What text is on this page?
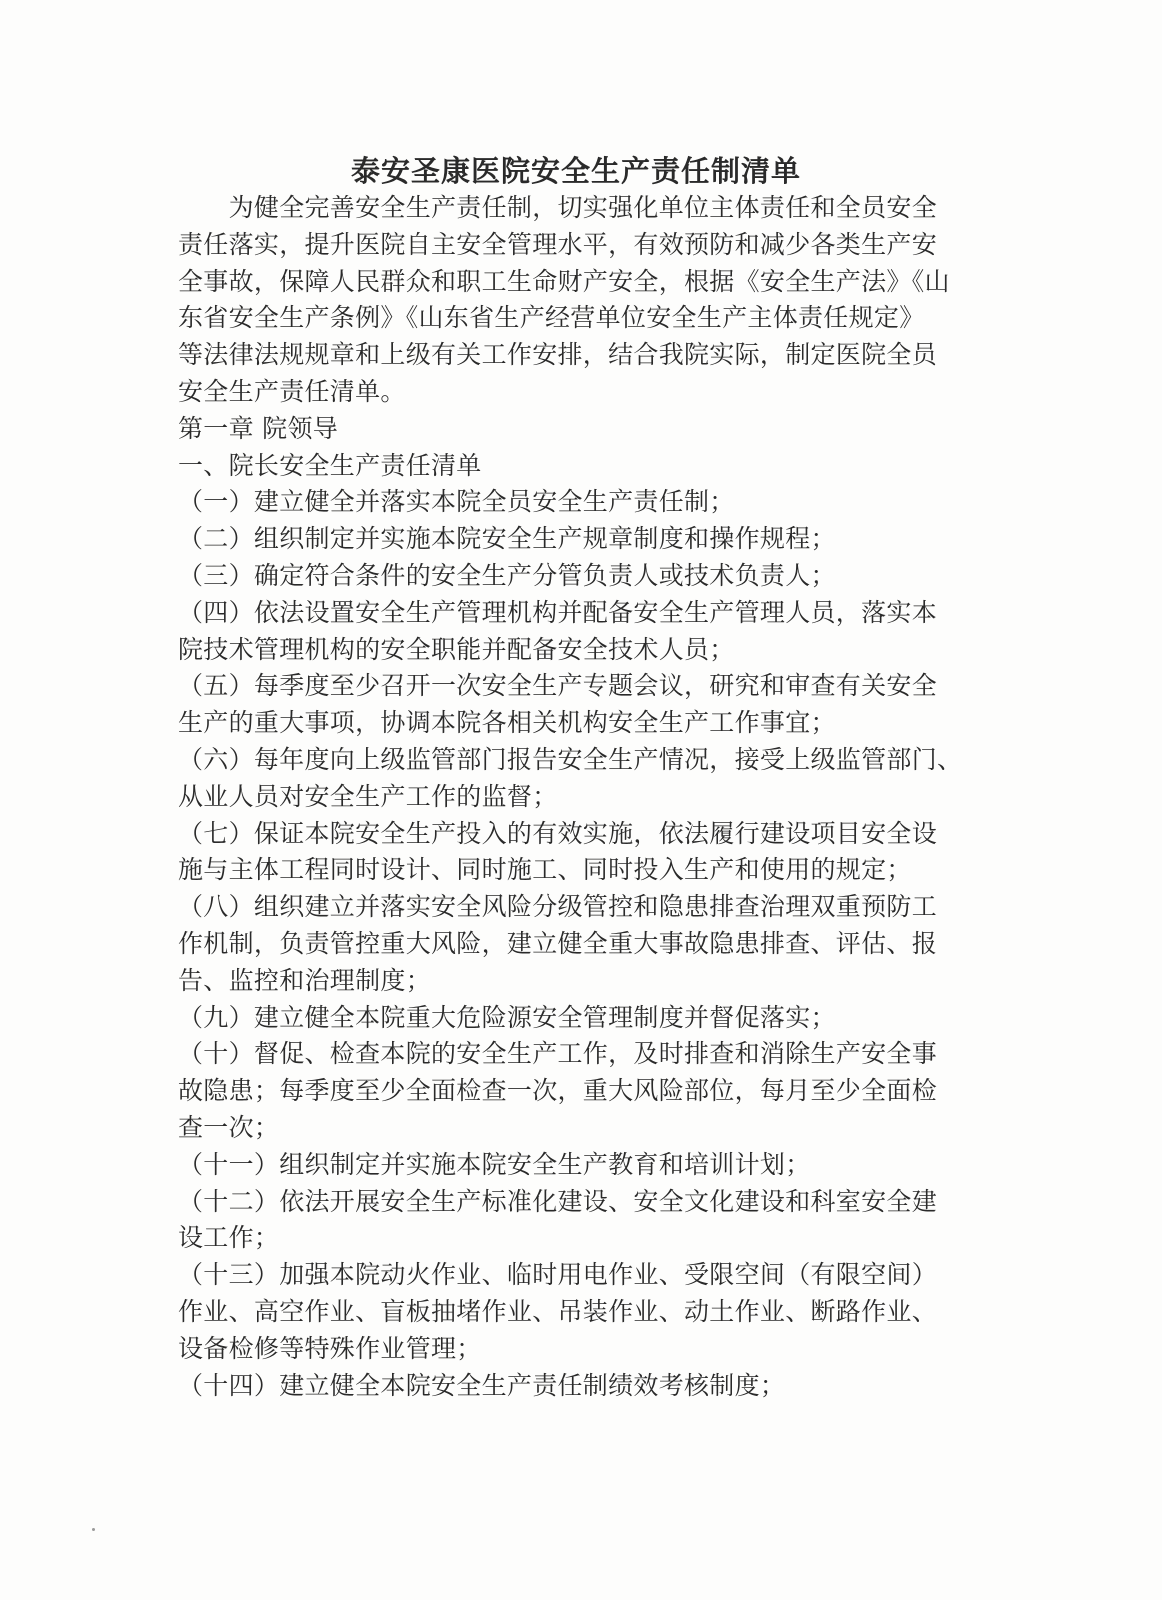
泰安圣康医院安全生产责任制清单
　　为健全完善安全生产责任制，切实强化单位主体责任和全员安全
责任落实，提升医院自主安全管理水平，有效预防和减少各类生产安
全事故，保障人民群众和职工生命财产安全，根据《安全生产法》《山
东省安全生产条例》《山东省生产经营单位安全生产主体责任规定》
等法律法规规章和上级有关工作安排，结合我院实际，制定医院全员
安全生产责任清单。
第一章 院领导
一、院长安全生产责任清单
（一）建立健全并落实本院全员安全生产责任制；
（二）组织制定并实施本院安全生产规章制度和操作规程；
（三）确定符合条件的安全生产分管负责人或技术负责人；
（四）依法设置安全生产管理机构并配备安全生产管理人员，落实本
院技术管理机构的安全职能并配备安全技术人员；
（五）每季度至少召开一次安全生产专题会议，研究和审查有关安全
生产的重大事项，协调本院各相关机构安全生产工作事宜；
（六）每年度向上级监管部门报告安全生产情况，接受上级监管部门、
从业人员对安全生产工作的监督；
（七）保证本院安全生产投入的有效实施，依法履行建设项目安全设
施与主体工程同时设计、同时施工、同时投入生产和使用的规定；
（八）组织建立并落实安全风险分级管控和隐患排查治理双重预防工
作机制，负责管控重大风险，建立健全重大事故隐患排查、评估、报
告、监控和治理制度；
（九）建立健全本院重大危险源安全管理制度并督促落实；
（十）督促、检查本院的安全生产工作，及时排查和消除生产安全事
故隐患；每季度至少全面检查一次，重大风险部位，每月至少全面检
查一次；
（十一）组织制定并实施本院安全生产教育和培训计划；
（十二）依法开展安全生产标准化建设、安全文化建设和科室安全建
设工作；
（十三）加强本院动火作业、临时用电作业、受限空间（有限空间）
作业、高空作业、盲板抽堵作业、吊装作业、动土作业、断路作业、
设备检修等特殊作业管理；
（十四）建立健全本院安全生产责任制绩效考核制度；
